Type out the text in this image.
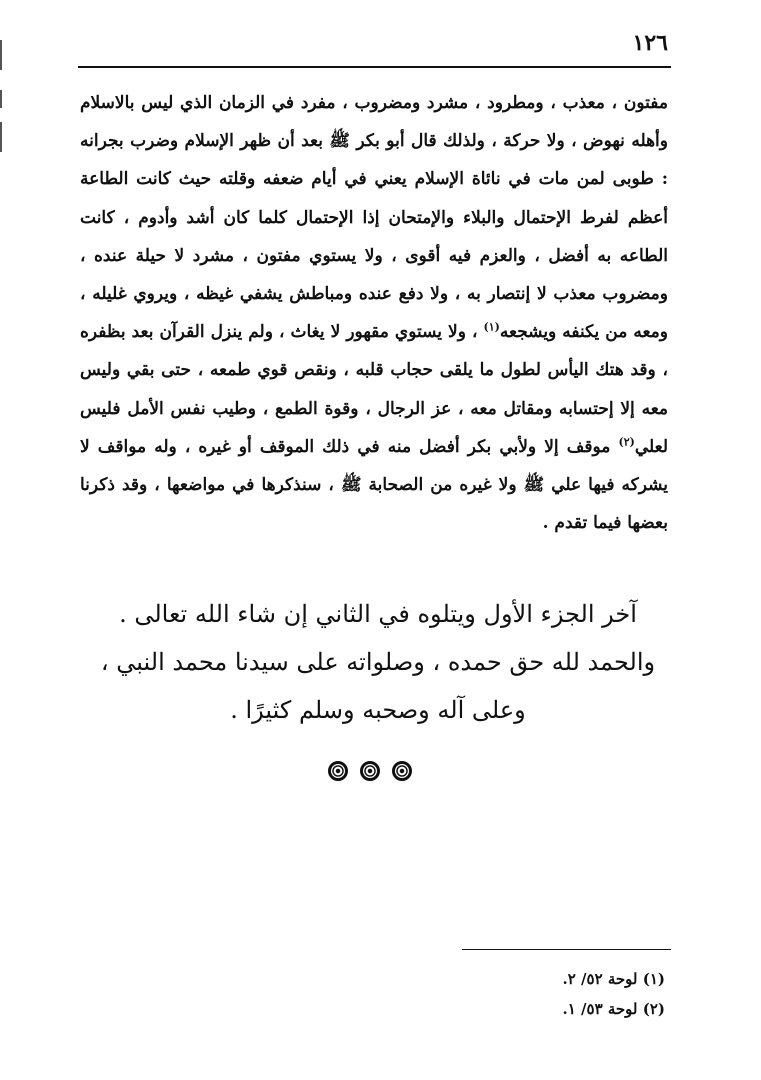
١٢٦
مفتون ، معذب ، ومطرود ، مشرد ومضروب ، مفرد في الزمان الذي ليس بالاسلام وأهله نهوض ، ولا حركة ، ولذلك قال أبو بكر ﷺ بعد أن ظهر الإسلام وضرب بجرانه : طوبى لمن مات في نائاة الإسلام يعني في أيام ضعفه وقلته حيث كانت الطاعة أعظم لفرط الإحتمال والبلاء والإمتحان إذا الإحتمال كلما كان أشد وأدوم ، كانت الطاعه به أفضل ، والعزم فيه أقوى ، ولا يستوي مفتون ، مشرد لا حيلة عنده ، ومضروب معذب لا إنتصار به ، ولا دفع عنده ومباطش يشفي غيظه ، ويروي غليله ، ومعه من يكنفه ويشجعه$^{(١)}$ ، ولا يستوي مقهور لا يغاث ، ولم ينزل القرآن بعد بظفره ، وقد هتك اليأس لطول ما يلقى حجاب قلبه ، ونقص قوي طمعه ، حتى بقي وليس معه إلا إحتسابه ومقاتل معه ، عز الرجال ، وقوة الطمع ، وطيب نفس الأمل فليس لعلي$^{(٢)}$ موقف إلا ولأبي بكر أفضل منه في ذلك الموقف أو غيره ، وله مواقف لا يشركه فيها علي ﷺ ولا غيره من الصحابة ﷺ ، سنذكرها في مواضعها ، وقد ذكرنا بعضها فيما تقدم .
آخر الجزء الأول ويتلوه في الثاني إن شاء الله تعالى .
والحمد لله حق حمده ، وصلواته على سيدنا محمد النبي ،
وعلى آله وصحبه وسلم كثيرًا .
(١) لوحة ٥٢/ ٢.
(٢) لوحة ٥٣/ ١.
